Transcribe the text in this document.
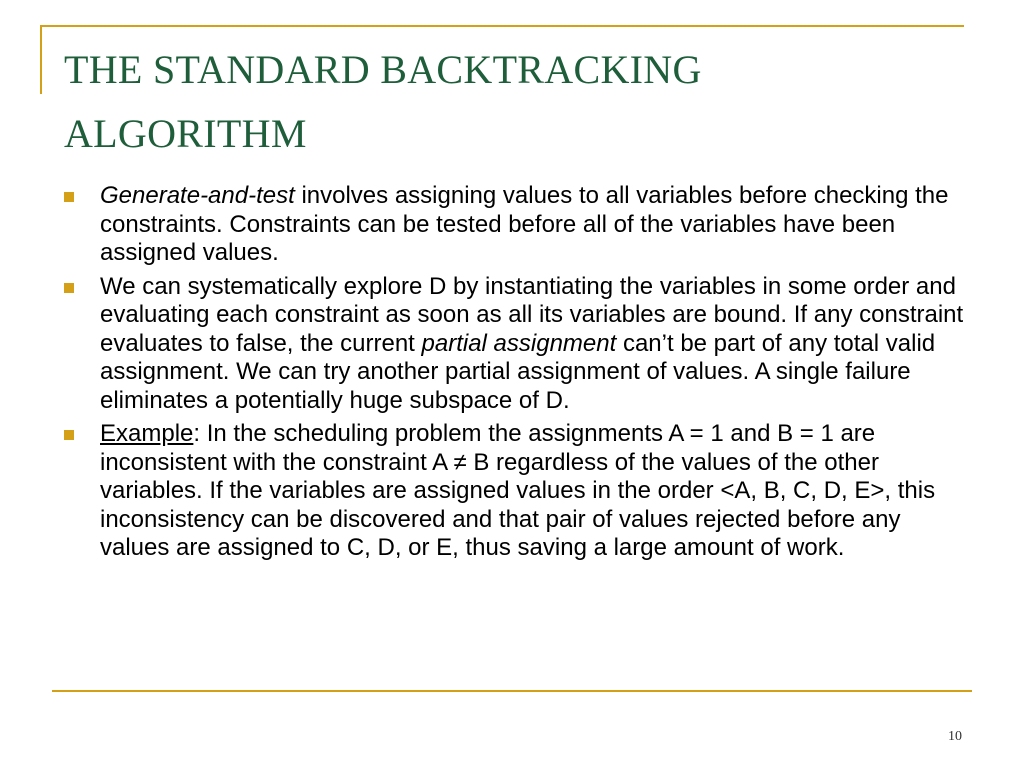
THE STANDARD BACKTRACKING
ALGORITHM
Generate-and-test involves assigning values to all variables before checking the constraints. Constraints can be tested before all of the variables have been assigned values.
We can systematically explore D by instantiating the variables in some order and evaluating each constraint as soon as all its variables are bound. If any constraint evaluates to false, the current partial assignment can’t be part of any total valid assignment. We can try another partial assignment of values. A single failure eliminates a potentially huge subspace of D.
Example: In the scheduling problem the assignments A = 1 and B = 1 are inconsistent with the constraint A ≠ B regardless of the values of the other variables. If the variables are assigned values in the order <A, B, C, D, E>, this inconsistency can be discovered and that pair of values rejected before any values are assigned to C, D, or E, thus saving a large amount of work.
10
